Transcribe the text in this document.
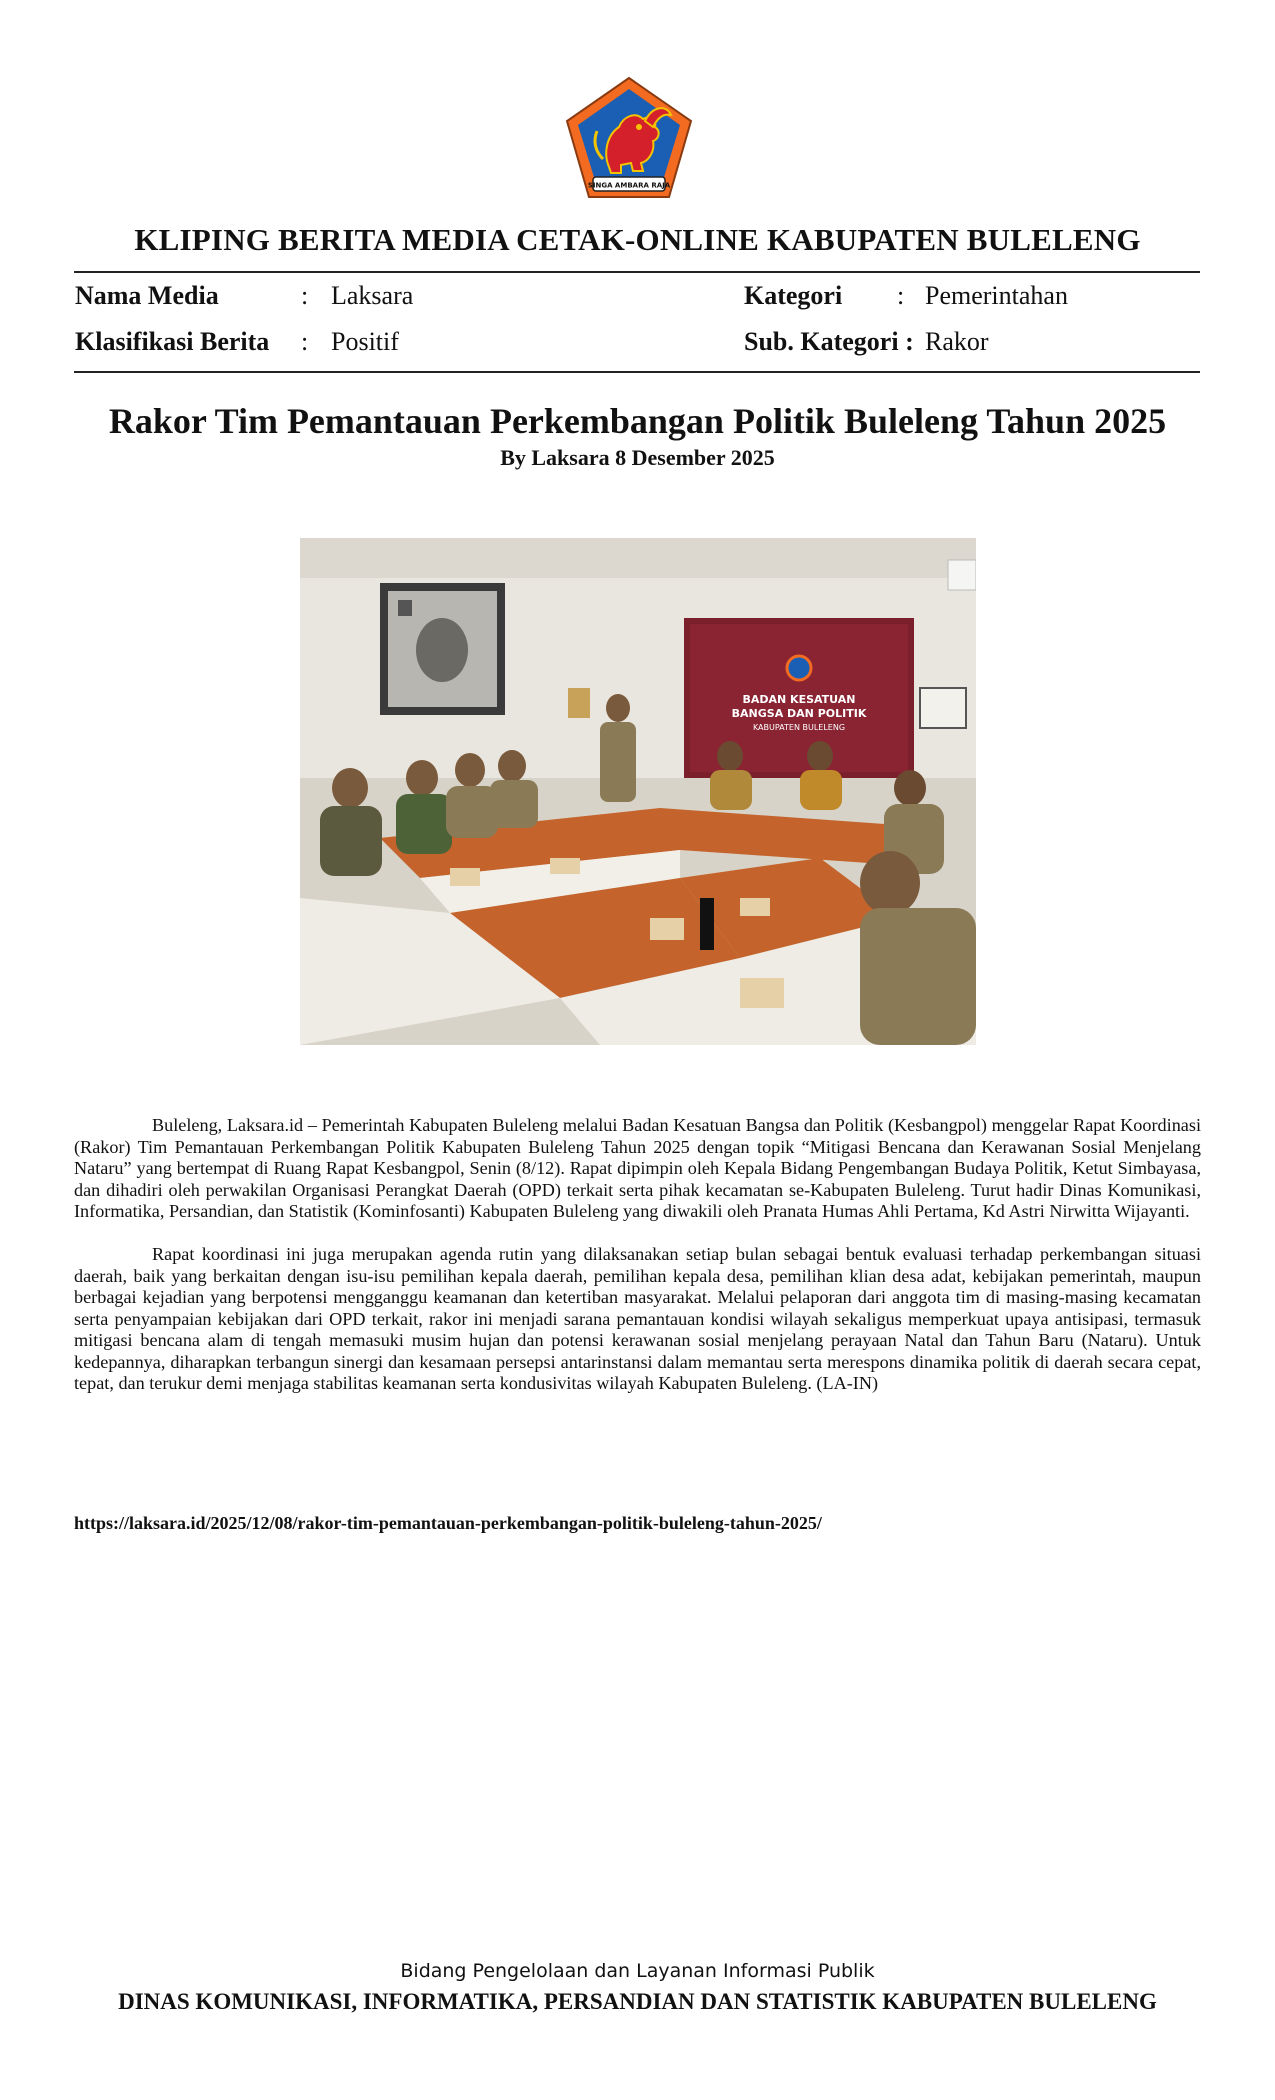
SINGA AMBARA RAJA
KLIPING BERITA MEDIA CETAK-ONLINE KABUPATEN BULELENG
Nama Media	: Laksara	Kategori : Pemerintahan
Klasifikasi Berita : Positif	Sub. Kategori : Rakor
Rakor Tim Pemantauan Perkembangan Politik Buleleng Tahun 2025
By Laksara 8 Desember 2025
BADAN KESATUAN
BANGSA DAN POLITIK
KABUPATEN BULELENG

Buleleng, Laksara.id – Pemerintah Kabupaten Buleleng melalui Badan Kesatuan Bangsa dan Politik (Kesbangpol) menggelar Rapat Koordinasi (Rakor) Tim Pemantauan Perkembangan Politik Kabupaten Buleleng Tahun 2025 dengan topik “Mitigasi Bencana dan Kerawanan Sosial Menjelang Nataru” yang bertempat di Ruang Rapat Kesbangpol, Senin (8/12). Rapat dipimpin oleh Kepala Bidang Pengembangan Budaya Politik, Ketut Simbayasa, dan dihadiri oleh perwakilan Organisasi Perangkat Daerah (OPD) terkait serta pihak kecamatan se-Kabupaten Buleleng. Turut hadir Dinas Komunikasi, Informatika, Persandian, dan Statistik (Kominfosanti) Kabupaten Buleleng yang diwakili oleh Pranata Humas Ahli Pertama, Kd Astri Nirwitta Wijayanti.

Rapat koordinasi ini juga merupakan agenda rutin yang dilaksanakan setiap bulan sebagai bentuk evaluasi terhadap perkembangan situasi daerah, baik yang berkaitan dengan isu-isu pemilihan kepala daerah, pemilihan kepala desa, pemilihan klian desa adat, kebijakan pemerintah, maupun berbagai kejadian yang berpotensi mengganggu keamanan dan ketertiban masyarakat. Melalui pelaporan dari anggota tim di masing-masing kecamatan serta penyampaian kebijakan dari OPD terkait, rakor ini menjadi sarana pemantauan kondisi wilayah sekaligus memperkuat upaya antisipasi, termasuk mitigasi bencana alam di tengah memasuki musim hujan dan potensi kerawanan sosial menjelang perayaan Natal dan Tahun Baru (Nataru). Untuk kedepannya, diharapkan terbangun sinergi dan kesamaan persepsi antarinstansi dalam memantau serta merespons dinamika politik di daerah secara cepat, tepat, dan terukur demi menjaga stabilitas keamanan serta kondusivitas wilayah Kabupaten Buleleng. (LA-IN)

https://laksara.id/2025/12/08/rakor-tim-pemantauan-perkembangan-politik-buleleng-tahun-2025/
Bidang Pengelolaan dan Layanan Informasi Publik
DINAS KOMUNIKASI, INFORMATIKA, PERSANDIAN DAN STATISTIK KABUPATEN BULELENG
